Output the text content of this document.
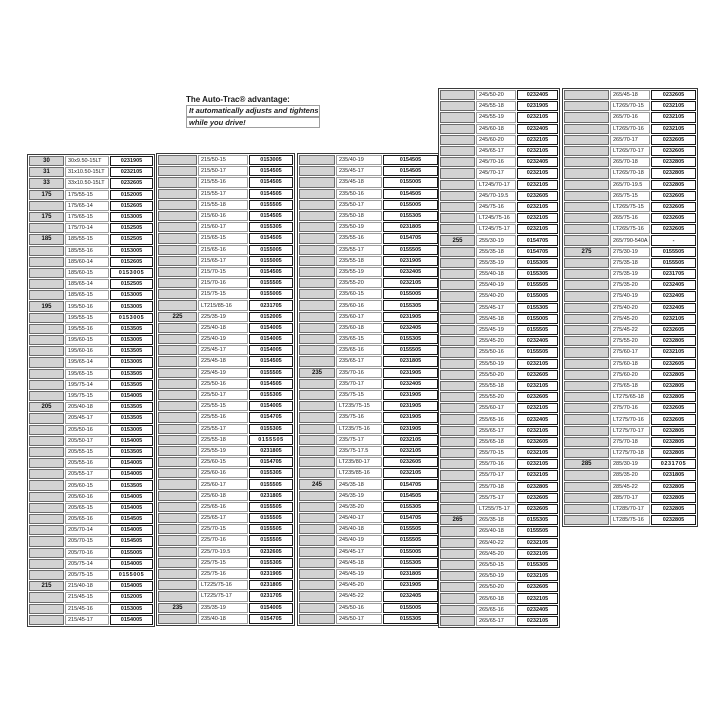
The Auto-Trac® advantage:
It automatically adjusts and tightens
while you drive!
30	30x9.50-15LT	0231905
31	31x10.50-15LT	0232105
33	33x10.50-15LT	0232605
175	175/55-15	0152005
175/65-14	0152605
175	175/65-15	0153005
175/70-14	0152505
185	185/55-15	0152505
185/55-16	0153005
185/60-14	0152605
185/60-15	0153005
185/65-14	0152505
185/65-15	0153005
195	195/50-16	0153005
195/55-15	0153005
195/55-16	0153505
195/60-15	0153005
195/60-16	0153505
195/65-14	0153005
195/65-15	0153505
195/75-14	0153505
195/75-15	0154005
205	205/40-18	0153505
205/45-17	0153505
205/50-16	0153005
205/50-17	0154005
205/55-15	0153505
205/55-16	0154005
205/55-17	0154005
205/60-15	0153505
205/60-16	0154005
205/65-15	0154005
205/65-16	0154505
205/70-14	0154005
205/70-15	0154505
205/70-16	0155005
205/75-14	0154005
205/75-15	0155005
215	215/40-18	0154005
215/45-15	0152005
215/45-16	0153005
215/45-17	0154005
215/50-15	0153005
215/50-17	0154505
215/55-16	0154505
215/55-17	0154505
215/55-18	0155505
215/60-16	0154505
215/60-17	0155305
215/65-15	0154505
215/65-16	0155005
215/65-17	0155005
215/70-15	0154505
215/70-16	0155505
215/75-15	0155005
LT215/85-16	0231705
225	225/35-19	0152005
225/40-18	0154005
225/40-19	0154005
225/45-17	0154005
225/45-18	0154505
225/45-19	0155505
225/50-16	0154505
225/50-17	0155305
225/55-15	0154005
225/55-16	0154705
225/55-17	0155305
225/55-18	0155505
225/55-19	0231805
225/60-15	0154705
225/60-16	0155305
225/60-17	0155505
225/60-18	0231805
225/65-16	0155505
225/65-17	0155505
225/70-15	0155505
225/70-16	0155505
225/70-19.5	0232605
225/75-15	0155305
225/75-16	0231905
LT225/75-16	0231805
LT225/75-17	0231705
235	235/35-19	0154005
235/40-18	0154705
235/40-19	0154505
235/45-17	0154505
235/45-18	0155005
235/50-16	0154505
235/50-17	0155005
235/50-18	0155305
235/50-19	0231805
235/55-16	0154705
235/55-17	0155505
235/55-18	0231905
235/55-19	0232405
235/55-20	0232105
235/60-15	0155005
235/60-16	0155305
235/60-17	0231905
235/60-18	0232405
235/65-15	0155305
235/65-16	0155505
235/65-17	0231805
235	235/70-16	0231905
235/70-17	0232405
235/75-15	0231905
LT235/75-15	0231905
235/75-16	0231905
LT235/75-16	0231905
235/75-17	0232105
235/75-17.5	0232105
LT235/80-17	0232605
LT235/85-16	0232105
245	245/35-18	0154705
245/35-19	0154505
245/35-20	0155305
245/40-17	0154705
245/40-18	0155505
245/40-19	0155505
245/45-17	0155005
245/45-18	0155305
245/45-19	0231805
245/45-20	0231905
245/45-22	0232405
245/50-16	0155005
245/50-17	0155305
245/50-20	0232405
245/55-18	0231905
245/55-19	0232105
245/60-18	0232405
245/60-20	0232105
245/65-17	0232105
245/70-16	0232405
245/70-17	0232105
LT245/70-17	0232105
245/70-19.5	0232605
245/75-16	0232105
LT245/75-16	0232105
LT245/75-17	0232105
255	255/30-19	0154705
255/35-18	0154705
255/35-19	0155305
255/40-18	0155305
255/40-19	0155505
255/40-20	0155005
255/45-17	0155305
255/45-18	0155005
255/45-19	0155505
255/45-20	0232405
255/50-16	0155505
255/50-19	0232105
255/50-20	0232605
255/55-18	0232105
255/55-20	0232605
255/60-17	0232105
255/65-16	0232405
255/65-17	0232105
255/65-18	0232605
255/70-15	0232105
255/70-16	0232105
255/70-17	0232105
255/70-18	0232805
255/75-17	0232605
LT255/75-17	0232605
265	265/35-18	0155305
265/40-18	0155505
265/40-22	0232105
265/45-20	0232105
265/50-15	0155305
265/50-19	0232105
265/50-20	0232605
265/60-18	0232105
265/65-16	0232405
265/65-17	0232105
265/45-18	0232605
LT265/70-15	0232105
265/70-16	0232105
LT265/70-16	0232105
265/70-17	0232605
LT265/70-17	0232605
265/70-18	0232805
LT265/70-18	0232805
265/70-19.5	0232805
265/75-15	0232605
LT265/75-15	0232605
265/75-16	0232605
LT265/75-16	0232605
265/790-540A	-
275	275/30-19	0155505
275/35-18	0155505
275/35-19	0231705
275/35-20	0232405
275/40-19	0232405
275/40-20	0232405
275/45-20	0232105
275/45-22	0232605
275/55-20	0232805
275/60-17	0232105
275/60-18	0232605
275/60-20	0232805
275/65-18	0232805
LT275/65-18	0232805
275/70-16	0232605
LT275/70-16	0232605
LT275/70-17	0232805
275/70-18	0232805
LT275/70-18	0232805
285	285/30-19	0231705
285/35-20	0231805
285/45-22	0232805
285/70-17	0232805
LT285/70-17	0232805
LT285/75-16	0232805
